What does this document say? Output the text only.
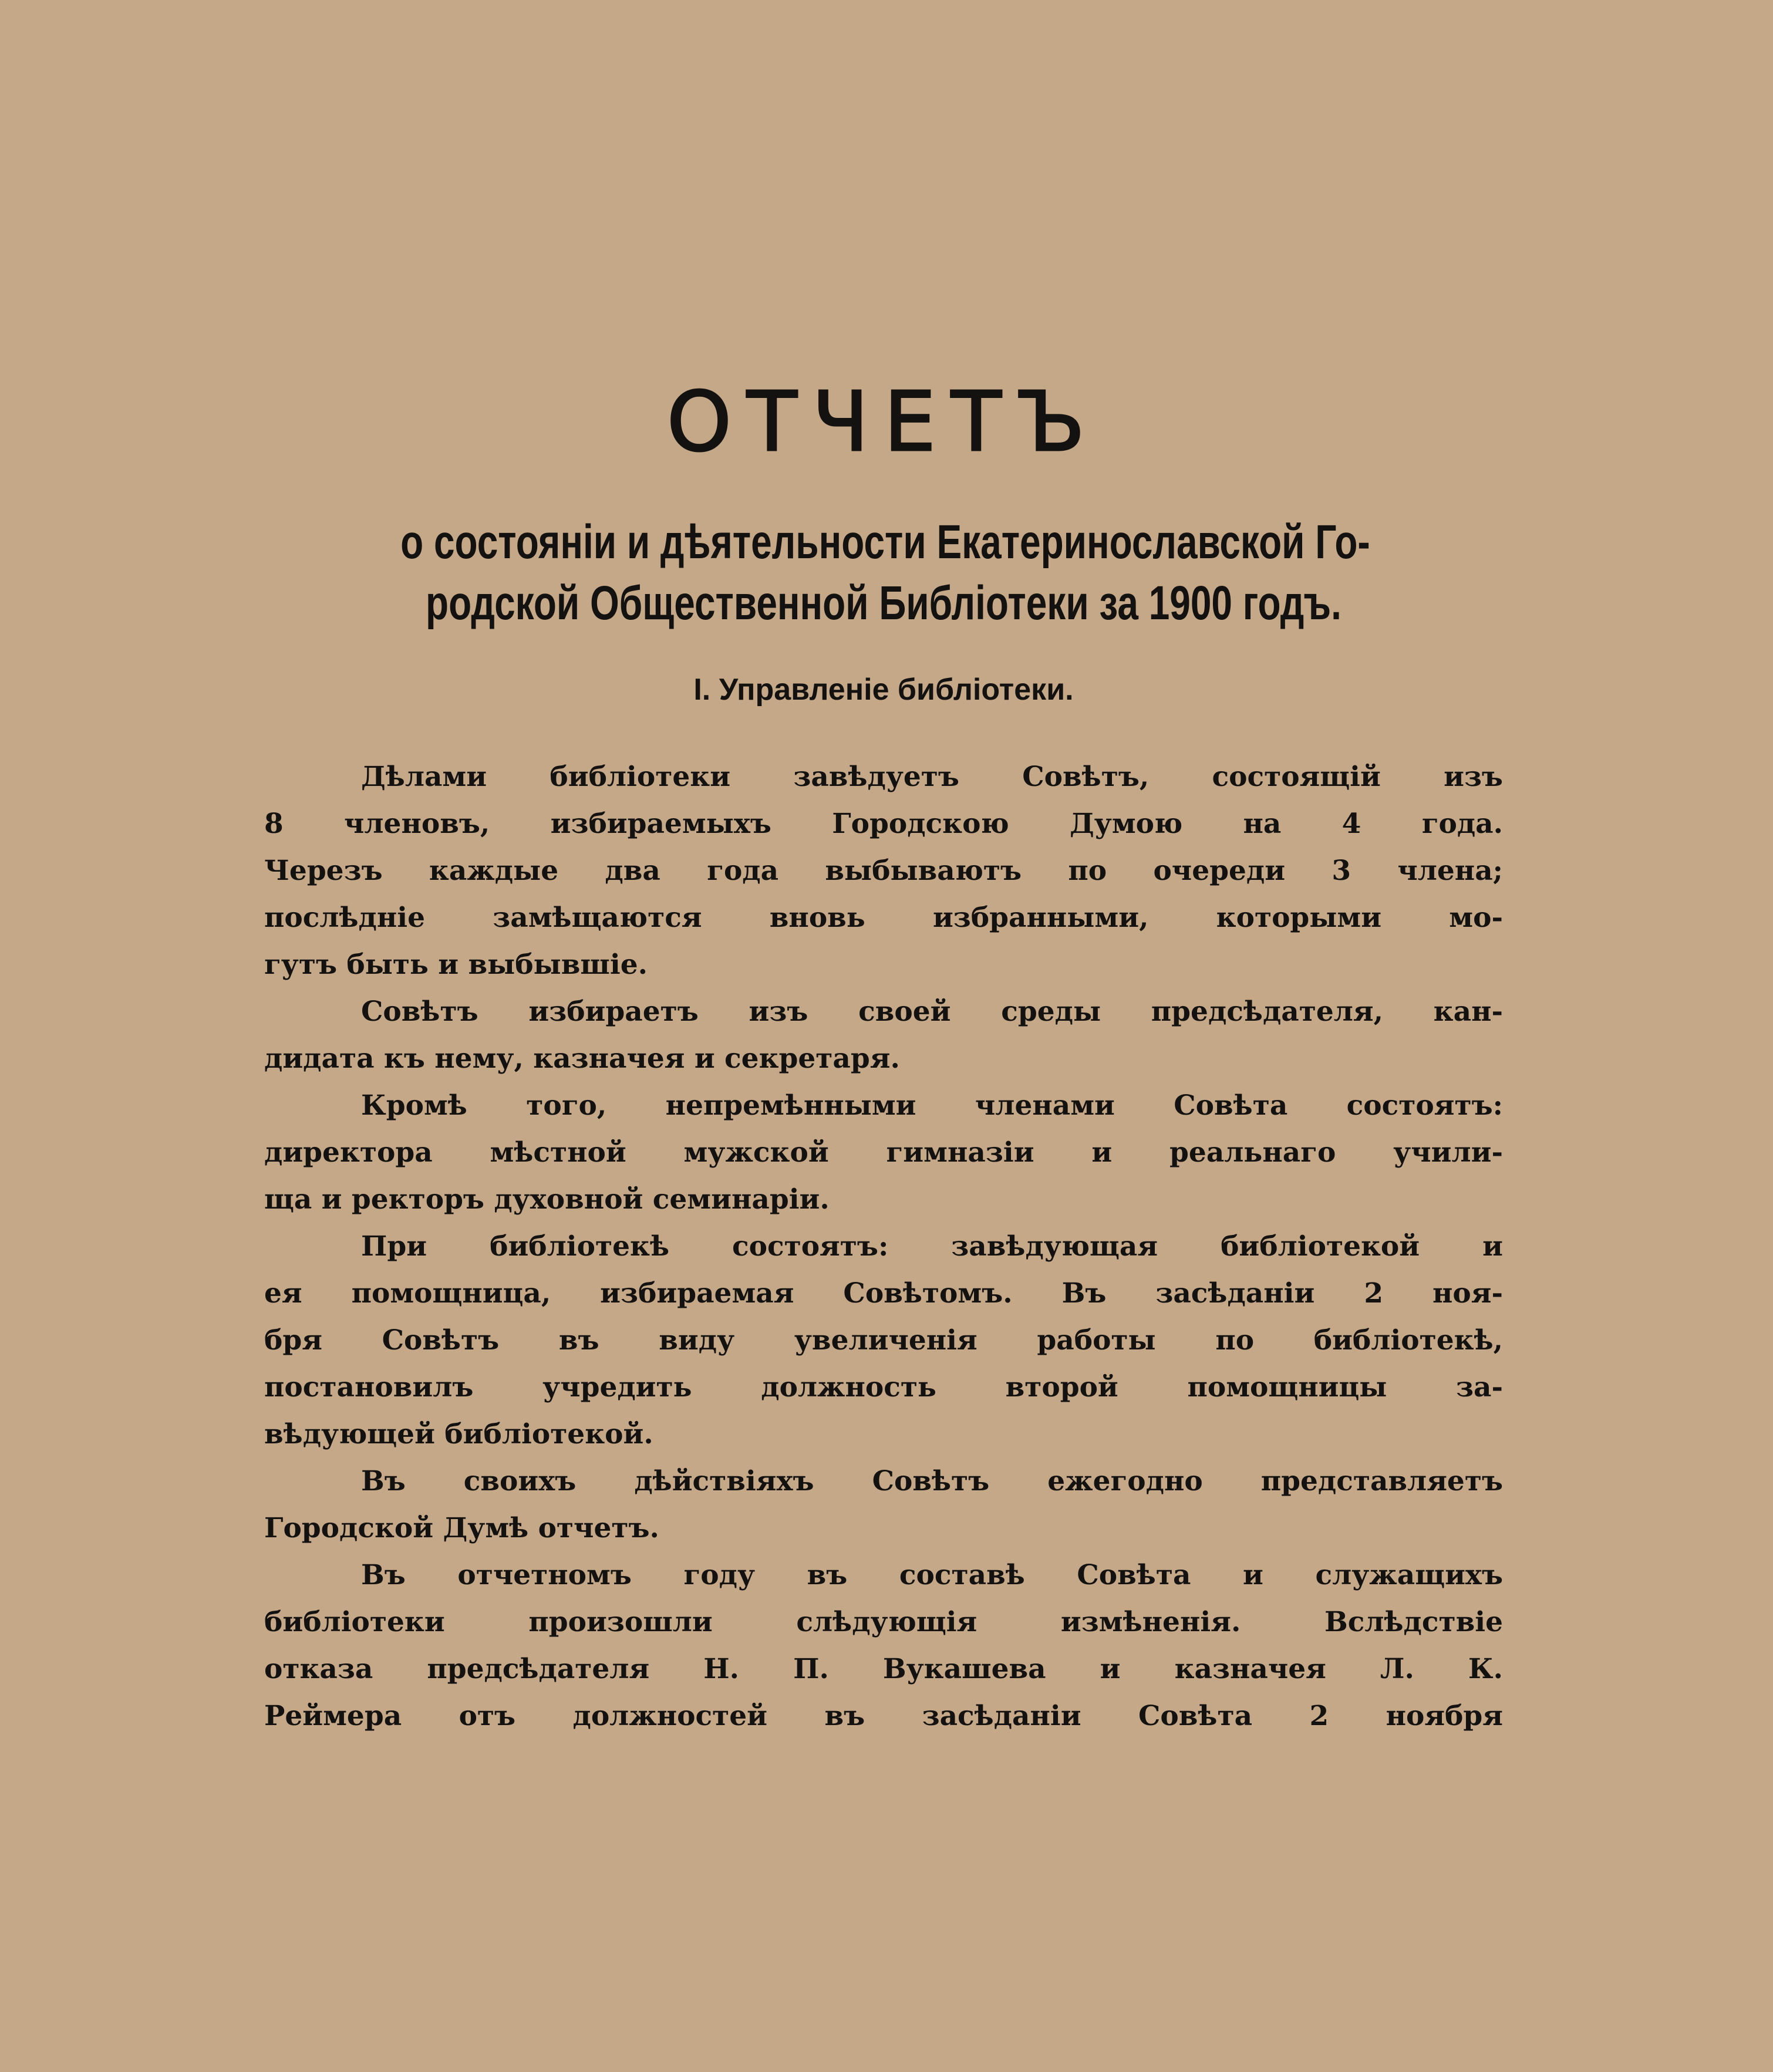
ОТЧЕТЪ
о состоянiи и дѣятельности Екатеринославской Го-
родской Общественной Библiотеки за 1900 годъ.
I. Управленiе библiотеки.
Дѣлами библiотеки завѣдуетъ Совѣтъ, состоящiй изъ
8 членовъ, избираемыхъ Городскою Думою на 4 года.
Черезъ каждые два года выбываютъ по очереди 3 члена;
послѣднiе замѣщаются вновь избранными, которыми мо-
гутъ быть и выбывшiе.
Совѣтъ избираетъ изъ своей среды предсѣдателя, кан-
дидата къ нему, казначея и секретаря.
Кромѣ того, непремѣнными членами Совѣта состоятъ:
директора мѣстной мужской гимназiи и реальнаго учили-
ща и ректоръ духовной семинарiи.
При библiотекѣ состоятъ: завѣдующая библiотекой и
ея помощница, избираемая Совѣтомъ. Въ засѣданiи 2 ноя-
бря Совѣтъ въ виду увеличенiя работы по библiотекѣ,
постановилъ учредить должность второй помощницы за-
вѣдующей библiотекой.
Въ своихъ дѣйствiяхъ Совѣтъ ежегодно представляетъ
Городской Думѣ отчетъ.
Въ отчетномъ году въ составѣ Совѣта и служащихъ
библiотеки произошли слѣдующiя измѣненiя. Вслѣдствiе
отказа предсѣдателя Н. П. Вукашева и казначея Л. К.
Реймера отъ должностей въ засѣданiи Совѣта 2 ноября
